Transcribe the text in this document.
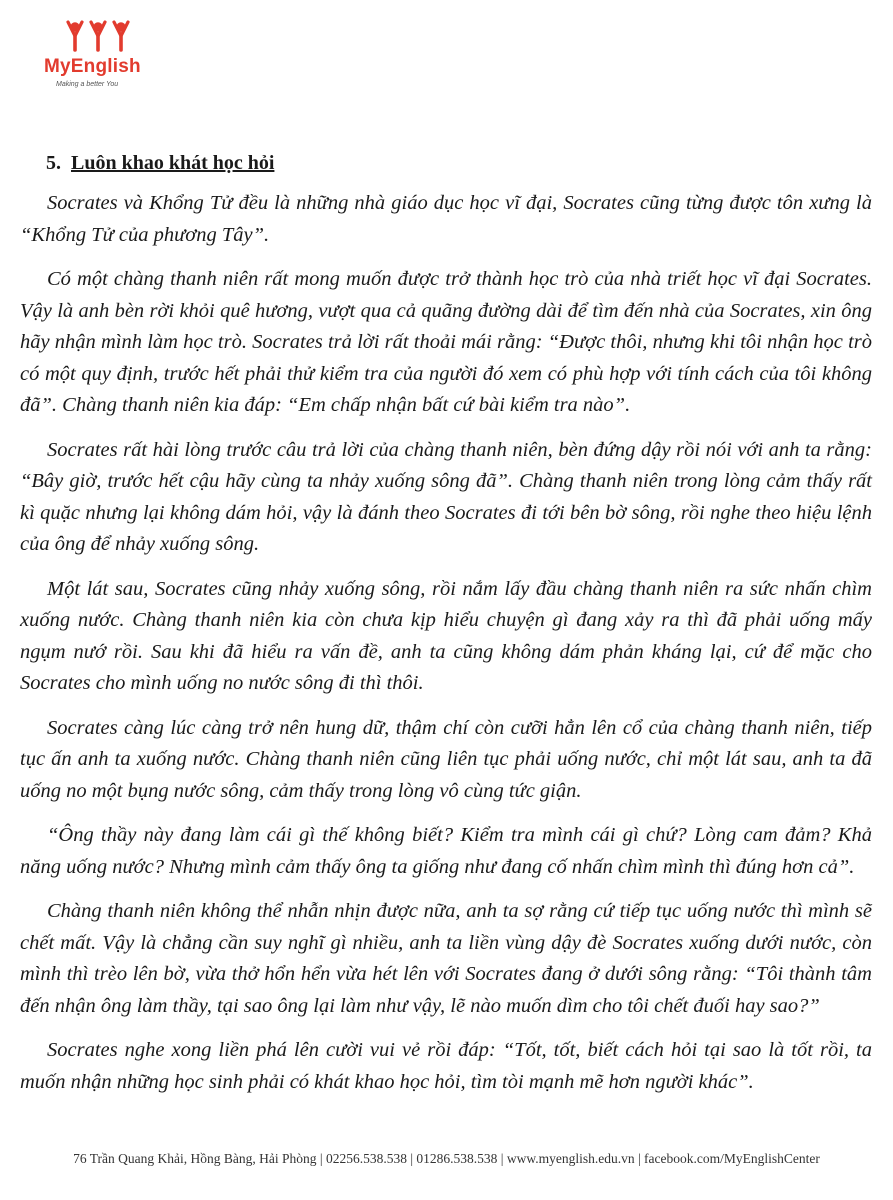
MyEnglish
Making a better You
5. Luôn khao khát học hỏi

Socrates và Khổng Tử đều là những nhà giáo dục học vĩ đại, Socrates cũng từng được tôn xưng là “Khổng Tử của phương Tây”.

Có một chàng thanh niên rất mong muốn được trở thành học trò của nhà triết học vĩ đại Socrates. Vậy là anh bèn rời khỏi quê hương, vượt qua cả quãng đường dài để tìm đến nhà của Socrates, xin ông hãy nhận mình làm học trò. Socrates trả lời rất thoải mái rằng: “Được thôi, nhưng khi tôi nhận học trò có một quy định, trước hết phải thử kiểm tra của người đó xem có phù hợp với tính cách của tôi không đã”. Chàng thanh niên kia đáp: “Em chấp nhận bất cứ bài kiểm tra nào”.

Socrates rất hài lòng trước câu trả lời của chàng thanh niên, bèn đứng dậy rồi nói với anh ta rằng: “Bây giờ, trước hết cậu hãy cùng ta nhảy xuống sông đã”. Chàng thanh niên trong lòng cảm thấy rất kì quặc nhưng lại không dám hỏi, vậy là đánh theo Socrates đi tới bên bờ sông, rồi nghe theo hiệu lệnh của ông để nhảy xuống sông.

Một lát sau, Socrates cũng nhảy xuống sông, rồi nắm lấy đầu chàng thanh niên ra sức nhấn chìm xuống nước. Chàng thanh niên kia còn chưa kịp hiểu chuyện gì đang xảy ra thì đã phải uống mấy ngụm nướ rồi. Sau khi đã hiểu ra vấn đề, anh ta cũng không dám phản kháng lại, cứ để mặc cho Socrates cho mình uống no nước sông đi thì thôi.

Socrates càng lúc càng trở nên hung dữ, thậm chí còn cưỡi hẳn lên cổ của chàng thanh niên, tiếp tục ấn anh ta xuống nước. Chàng thanh niên cũng liên tục phải uống nước, chỉ một lát sau, anh ta đã uống no một bụng nước sông, cảm thấy trong lòng vô cùng tức giận.

“Ông thầy này đang làm cái gì thế không biết? Kiểm tra mình cái gì chứ? Lòng cam đảm? Khả năng uống nước? Nhưng mình cảm thấy ông ta giống như đang cố nhấn chìm mình thì đúng hơn cả”.

Chàng thanh niên không thể nhẫn nhịn được nữa, anh ta sợ rằng cứ tiếp tục uống nước thì mình sẽ chết mất. Vậy là chẳng cần suy nghĩ gì nhiều, anh ta liền vùng dậy đè Socrates xuống dưới nước, còn mình thì trèo lên bờ, vừa thở hổn hển vừa hét lên với Socrates đang ở dưới sông rằng: “Tôi thành tâm đến nhận ông làm thầy, tại sao ông lại làm như vậy, lẽ nào muốn dìm cho tôi chết đuối hay sao?”

Socrates nghe xong liền phá lên cười vui vẻ rồi đáp: “Tốt, tốt, biết cách hỏi tại sao là tốt rồi, ta muốn nhận những học sinh phải có khát khao học hỏi, tìm tòi mạnh mẽ hơn người khác”.

76 Trần Quang Khải, Hồng Bàng, Hải Phòng | 02256.538.538 | 01286.538.538 | www.myenglish.edu.vn | facebook.com/MyEnglishCenter
